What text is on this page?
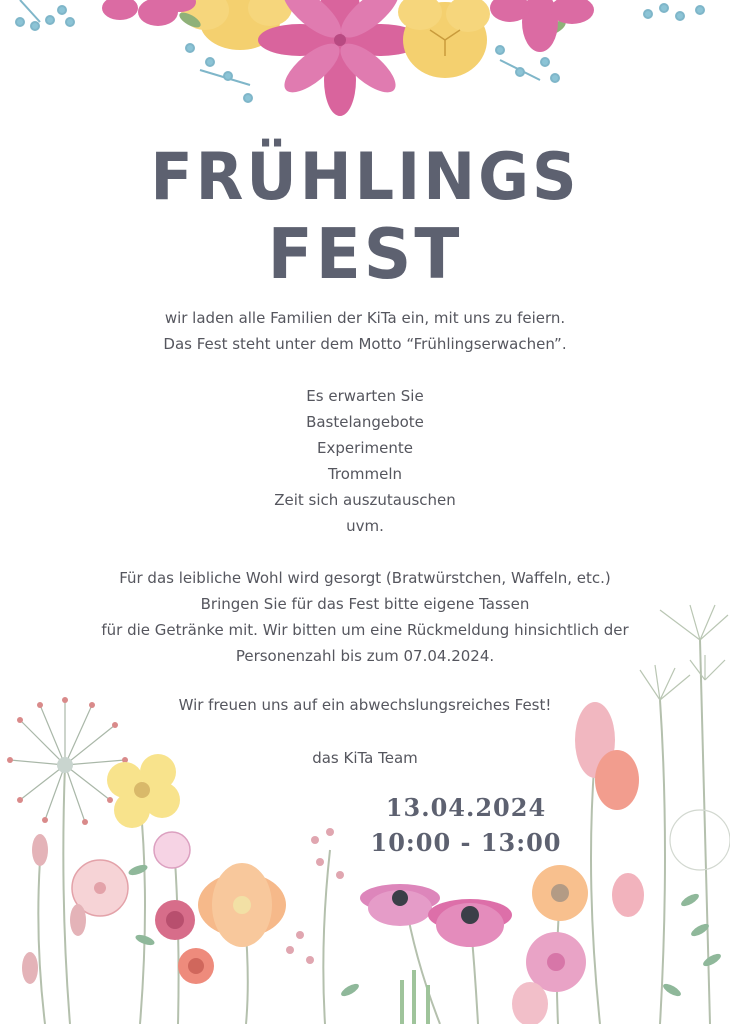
FRÜHLINGS
FEST
wir laden alle Familien der KiTa ein, mit uns zu feiern.
Das Fest steht unter dem Motto “Frühlingserwachen”.
Es erwarten Sie
Bastelangebote
Experimente
Trommeln
Zeit sich auszutauschen
uvm.
Für das leibliche Wohl wird gesorgt (Bratwürstchen, Waffeln, etc.)
Bringen Sie für das Fest bitte eigene Tassen
für die Getränke mit. Wir bitten um eine Rückmeldung hinsichtlich der
Personenzahl bis zum 07.04.2024.
Wir freuen uns auf ein abwechslungsreiches Fest!
das KiTa Team
13.04.2024
10:00 - 13:00
